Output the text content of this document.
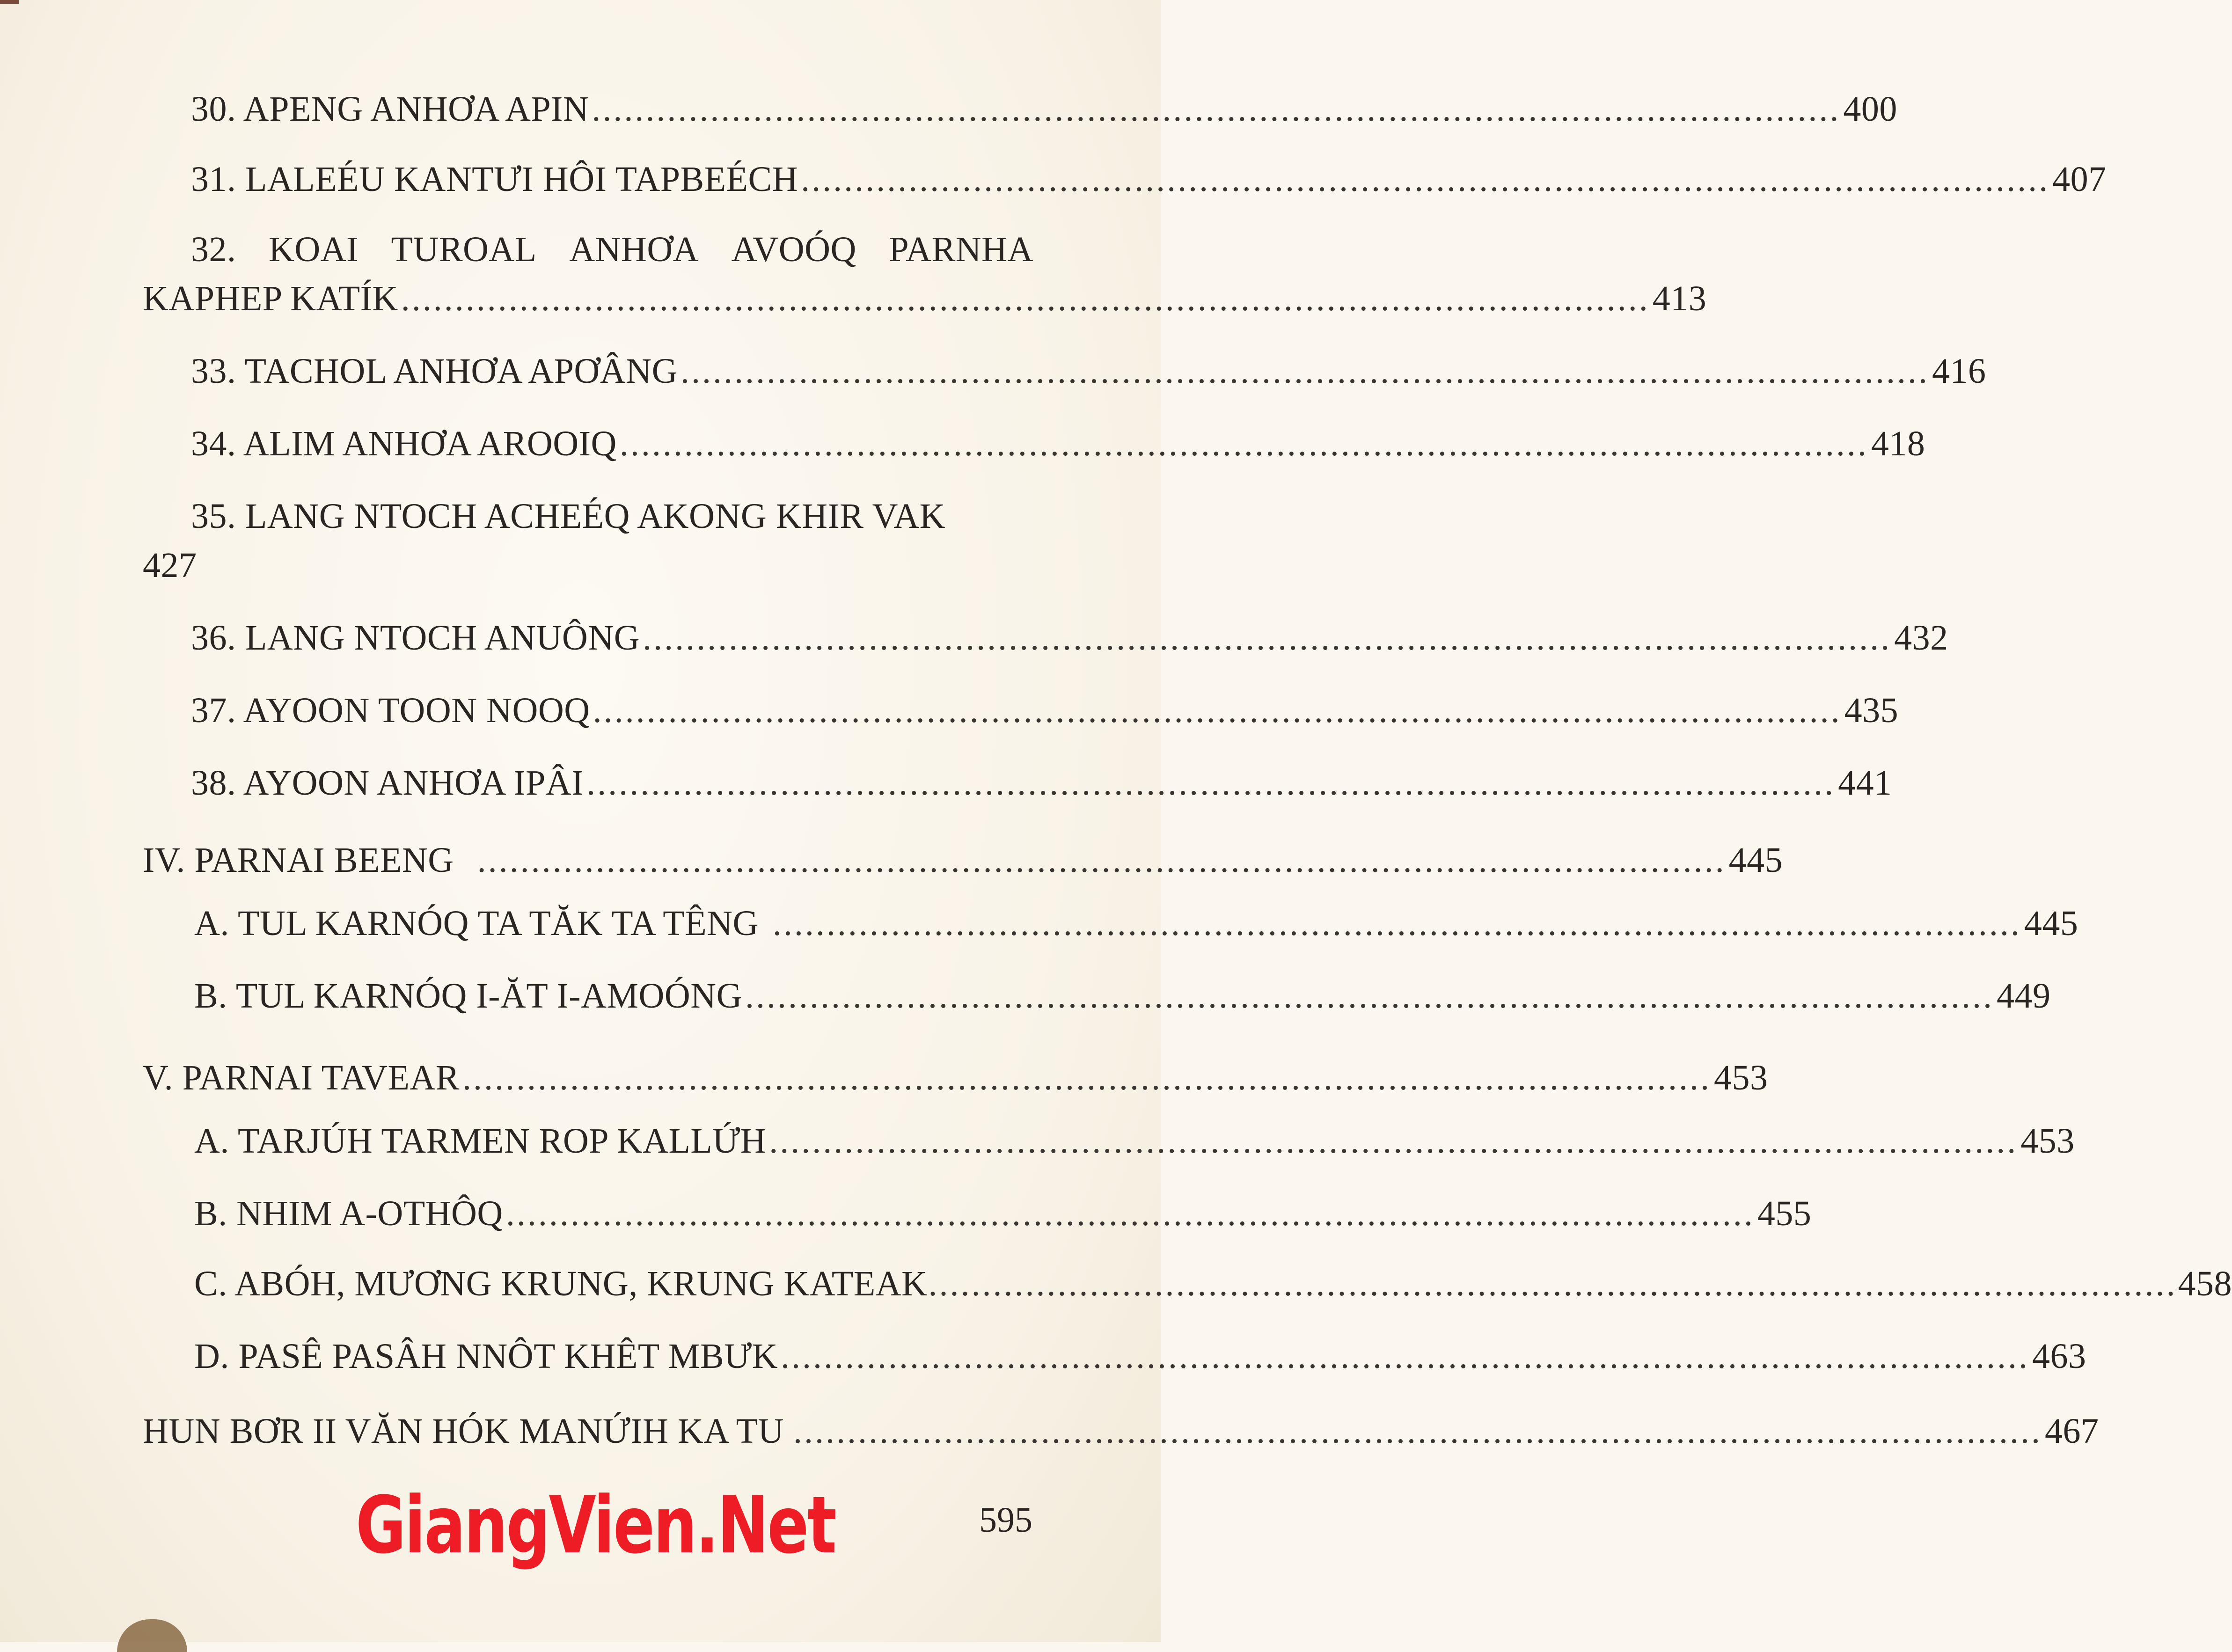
30. APENG ANHƠA APIN .................................................................................................................... 400
31. LALEÉU KANTƯI HÔI TAPBEÉCH .................................................................................................................... 407
32. KOAI TUROAL ANHƠA AVOÓQ PARNHA
KAPHEP KATÍK .................................................................................................................... 413
33. TACHOL ANHƠA APƠÂNG .................................................................................................................... 416
34. ALIM ANHƠA AROOIQ .................................................................................................................... 418
35. LANG NTOCH ACHEÉQ AKONG KHIR VAK
427
36. LANG NTOCH ANUÔNG .................................................................................................................... 432
37. AYOON TOON NOOQ .................................................................................................................... 435
38. AYOON ANHƠA IPÂI .................................................................................................................... 441
IV. PARNAI BEENG .................................................................................................................... 445
A. TUL KARNÓQ TA TĂK TA TÊNG .................................................................................................................... 445
B. TUL KARNÓQ I-ĂT I-AMOÓNG .................................................................................................................... 449
V. PARNAI TAVEAR .................................................................................................................... 453
A. TARJÚH TARMEN ROP KALLỨH .................................................................................................................... 453
B. NHIM A-OTHÔQ .................................................................................................................... 455
C. ABÓH, MƯƠNG KRUNG, KRUNG KATEAK .................................................................................................................... 458
D. PASÊ PASÂH NNÔT KHÊT MBƯK .................................................................................................................... 463
HUN BƠR II VĂN HÓK MANỨIH KA TU .................................................................................................................... 467
GiangVien.Net	595
